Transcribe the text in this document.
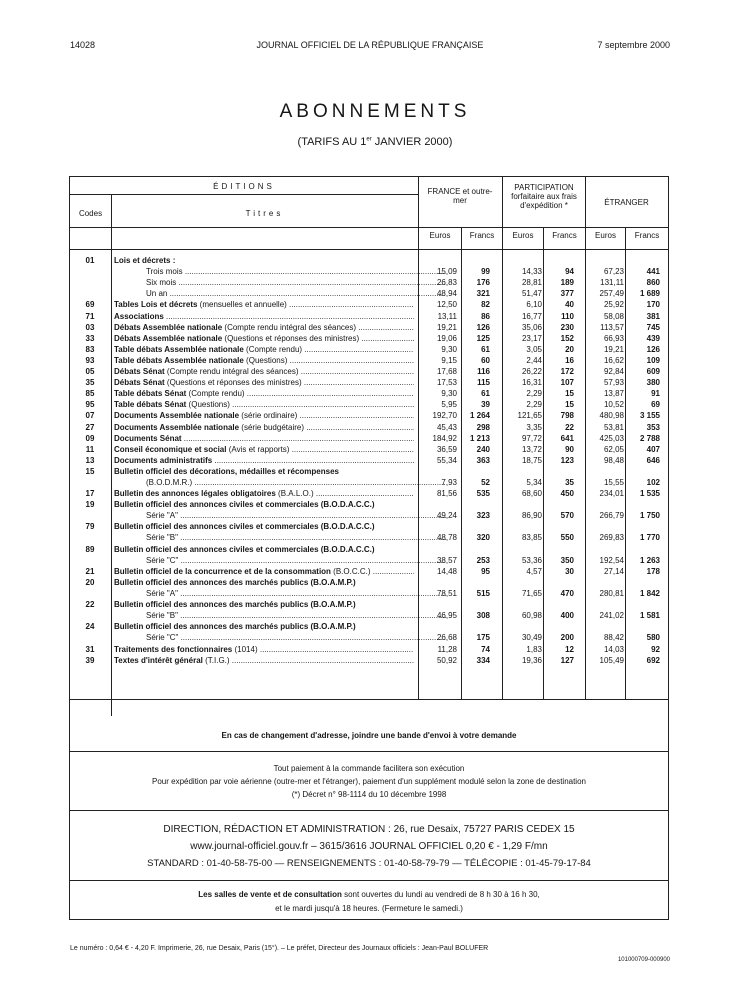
14028	JOURNAL OFFICIEL DE LA RÉPUBLIQUE FRANÇAISE	7 septembre 2000
ABONNEMENTS
(TARIFS AU 1er JANVIER 2000)
ÉDITIONS
Codes	Titres
FRANCE et outre-mer
PARTICIPATION forfaitaire aux frais d'expédition *	ÉTRANGER
Euros	Francs	Euros	Francs	Euros	Francs
01	Lois et décrets :
Trois mois .....	15,09	99	14,33	94	67,23	441
Six mois .....	26,83	176	28,81	189	131,11	860
Un an .....	48,94	321	51,47	377	257,49	1 689
69	Tables Lois et décrets (mensuelles et annuelle) .....	12,50	82	6,10	40	25,92	170
71	Associations .....	13,11	86	16,77	110	58,08	381
03	Débats Assemblée nationale (Compte rendu intégral des séances) .....	19,21	126	35,06	230	113,57	745
33	Débats Assemblée nationale (Questions et réponses des ministres) .....	19,06	125	23,17	152	66,93	439
83	Table débats Assemblée nationale (Compte rendu) .....	9,30	61	3,05	20	19,21	126
93	Table débats Assemblée nationale (Questions) .....	9,15	60	2,44	16	16,62	109
05	Débats Sénat (Compte rendu intégral des séances) .....	17,68	116	26,22	172	92,84	609
35	Débats Sénat (Questions et réponses des ministres) .....	17,53	115	16,31	107	57,93	380
85	Table débats Sénat (Compte rendu) .....	9,30	61	2,29	15	13,87	91
95	Table débats Sénat (Questions) .....	5,95	39	2,29	15	10,52	69
07	Documents Assemblée nationale (série ordinaire) .....	192,70	1 264	121,65	798	480,98	3 155
27	Documents Assemblée nationale (série budgétaire) .....	45,43	298	3,35	22	53,81	353
09	Documents Sénat .....	184,92	1 213	97,72	641	425,03	2 788
11	Conseil économique et social (Avis et rapports) .....	36,59	240	13,72	90	62,05	407
13	Documents administratifs .....	55,34	363	18,75	123	98,48	646
15	Bulletin officiel des décorations, médailles et récompenses
(B.O.D.M.R.) .....	7,93	52	5,34	35	15,55	102
17	Bulletin des annonces légales obligatoires (B.A.L.O.) .....	81,56	535	68,60	450	234,01	1 535
19	Bulletin officiel des annonces civiles et commerciales (B.O.D.A.C.C.)
Série "A" .....	49,24	323	86,90	570	266,79	1 750
79	Bulletin officiel des annonces civiles et commerciales (B.O.D.A.C.C.)
Série "B" .....	48,78	320	83,85	550	269,83	1 770
89	Bulletin officiel des annonces civiles et commerciales (B.O.D.A.C.C.)
Série "C" .....	38,57	253	53,36	350	192,54	1 263
21	Bulletin officiel de la concurrence et de la consommation (B.O.C.C.) .....	14,48	95	4,57	30	27,14	178
20	Bulletin officiel des annonces des marchés publics (B.O.A.M.P.)
Série "A" .....	78,51	515	71,65	470	280,81	1 842
22	Bulletin officiel des annonces des marchés publics (B.O.A.M.P.)
Série "B" .....	46,95	308	60,98	400	241,02	1 581
24	Bulletin officiel des annonces des marchés publics (B.O.A.M.P.)
Série "C" .....	26,68	175	30,49	200	88,42	580
31	Traitements des fonctionnaires (1014) .....	11,28	74	1,83	12	14,03	92
39	Textes d'intérêt général (T.I.G.) .....	50,92	334	19,36	127	105,49	692
En cas de changement d'adresse, joindre une bande d'envoi à votre demande
Tout paiement à la commande facilitera son exécution
Pour expédition par voie aérienne (outre-mer et l'étranger), paiement d'un supplément modulé selon la zone de destination
(*) Décret n° 98-1114 du 10 décembre 1998
DIRECTION, RÉDACTION ET ADMINISTRATION : 26, rue Desaix, 75727 PARIS CEDEX 15
www.journal-officiel.gouv.fr – 3615/3616 JOURNAL OFFICIEL 0,20 € - 1,29 F/mn
STANDARD : 01-40-58-75-00 — RENSEIGNEMENTS : 01-40-58-79-79 — TÉLÉCOPIE : 01-45-79-17-84
Les salles de vente et de consultation sont ouvertes du lundi au vendredi de 8 h 30 à 16 h 30,
et le mardi jusqu'à 18 heures. (Fermeture le samedi.)
Le numéro : 0,64 € - 4,20 F. Imprimerie, 26, rue Desaix, Paris (15°). – Le préfet, Directeur des Journaux officiels : Jean-Paul BOLUFER
101000709-000900
